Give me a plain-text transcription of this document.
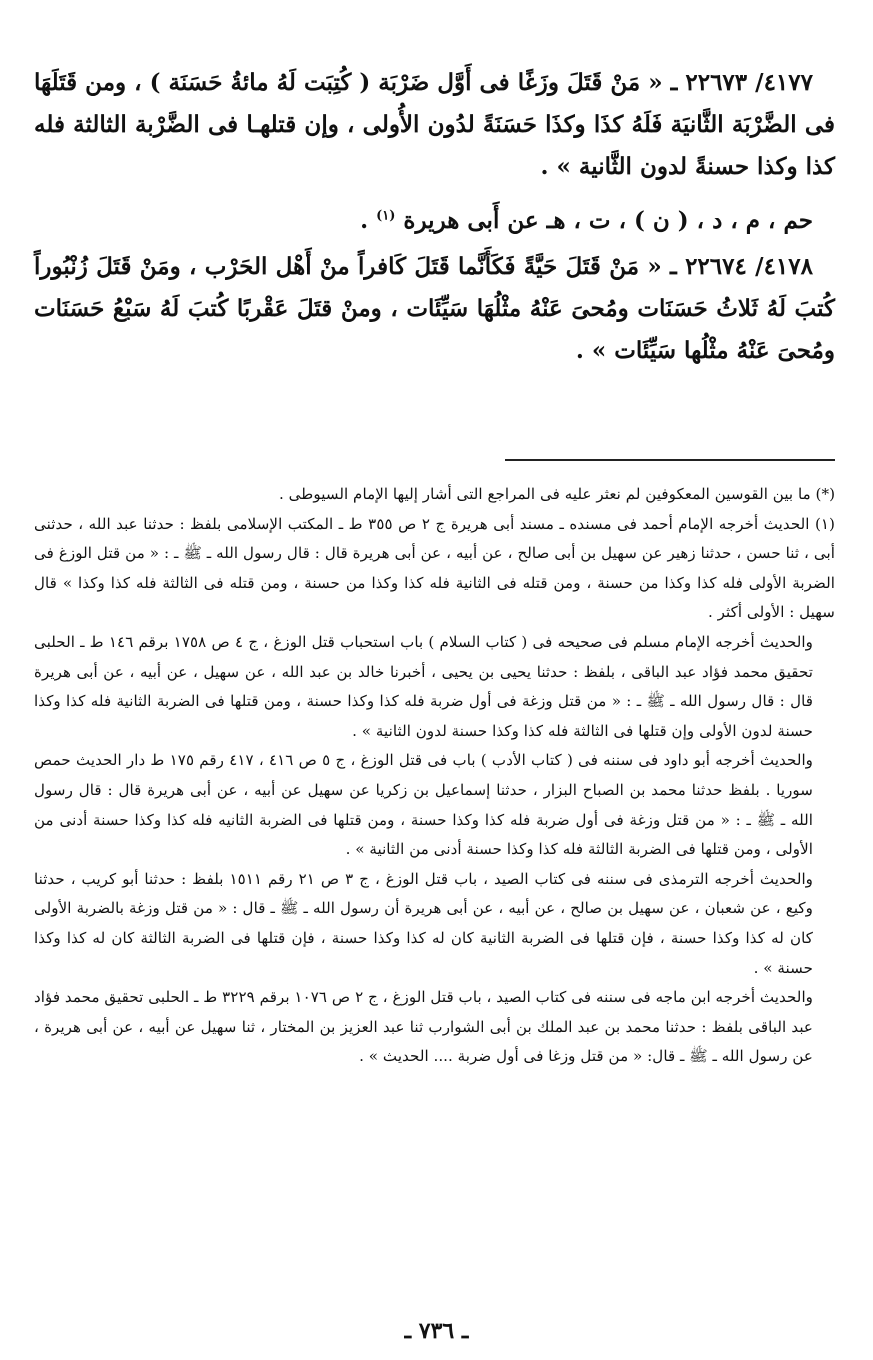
٤١٧٧/ ٢٢٦٧٣ ـ « مَنْ قَتَلَ وزَغًا فى أَوَّل ضَرْبَة ( كُتِبَت لَهُ مائةُ حَسَنَة ) ، ومن قَتَلَهَا فى الضَّرْبَة الثَّانيَة فَلَهُ كذَا وكذَا حَسَنَةً لدُون الأُولى ، وإن قتلهـا فى الضَّرْبة الثالثة فله كذا وكذا حسنةً لدون الثَّانية » .

حم ، م ، د ، ( ن ) ، ت ، هـ عن أَبى هريرة $^{(١)}$ .

٤١٧٨/ ٢٢٦٧٤ ـ « مَنْ قَتَلَ حَيَّةً فَكَأَنَّما قَتَلَ كَافراً منْ أَهْل الحَرْب ، ومَنْ قَتَلَ زُنْبُوراً كُتبَ لَهُ ثَلاثُ حَسَنَات ومُحىَ عَنْهُ مثْلُهَا سَيِّئَات ، ومنْ قتَلَ عَقْربًا كُتبَ لَهُ سَبْعُ حَسَنَات ومُحىَ عَنْهُ مثْلُها سَيِّئَات » .

(*) ما بين القوسين المعكوفين لم نعثر عليه فى المراجع التى أشار إليها الإمام السيوطى .

(١) الحديث أخرجه الإمام أحمد فى مسنده ـ مسند أبى هريرة ج ٢ ص ٣٥٥ ط ـ المكتب الإسلامى بلفظ : حدثنا عبد الله ، حدثنى أبى ، ثنا حسن ، حدثنا زهير عن سهيل بن أبى صالح ، عن أبيه ، عن أبى هريرة قال : قال رسول الله ـ ﷺ ـ : « من قتل الوزغ فى الضربة الأولى فله كذا وكذا من حسنة ، ومن قتله فى الثانية فله كذا وكذا من حسنة ، ومن قتله فى الثالثة فله كذا وكذا » قال سهيل : الأولى أكثر .

والحديث أخرجه الإمام مسلم فى صحيحه فى ( كتاب السلام ) باب استحباب قتل الوزغ ، ج ٤ ص ١٧٥٨ برقم ١٤٦ ط ـ الحلبى تحقيق محمد فؤاد عبد الباقى ، بلفظ : حدثنا يحيى بن يحيى ، أخبرنا خالد بن عبد الله ، عن سهيل ، عن أبيه ، عن أبى هريرة قال : قال رسول الله ـ ﷺ ـ : « من قتل وزغة فى أول ضربة فله كذا وكذا حسنة ، ومن قتلها فى الضربة الثانية فله كذا وكذا حسنة لدون الأولى وإن قتلها فى الثالثة فله كذا وكذا حسنة لدون الثانية » .

والحديث أخرجه أبو داود فى سننه فى ( كتاب الأدب ) باب فى قتل الوزغ ، ج ٥ ص ٤١٦ ، ٤١٧ رقم ١٧٥ ط دار الحديث حمص سوريا . بلفظ حدثنا محمد بن الصباح البزار ، حدثنا إسماعيل بن زكريا عن سهيل عن أبيه ، عن أبى هريرة قال : قال رسول الله ـ ﷺ ـ : « من قتل وزغة فى أول ضربة فله كذا وكذا حسنة ، ومن قتلها فى الضربة الثانيه فله كذا وكذا حسنة أدنى من الأولى ، ومن قتلها فى الضربة الثالثة فله كذا وكذا حسنة أدنى من الثانية » .

والحديث أخرجه الترمذى فى سننه فى كتاب الصيد ، باب قتل الوزغ ، ج ٣ ص ٢١ رقم ١٥١١ بلفظ : حدثنا أبو كريب ، حدثنا وكيع ، عن شعبان ، عن سهيل بن صالح ، عن أبيه ، عن أبى هريرة أن رسول الله ـ ﷺ ـ قال : « من قتل وزغة بالضربة الأولى كان له كذا وكذا حسنة ، فإن قتلها فى الضربة الثانية كان له كذا وكذا حسنة ، فإن قتلها فى الضربة الثالثة كان له كذا وكذا حسنة » .

والحديث أخرجه ابن ماجه فى سننه فى كتاب الصيد ، باب قتل الوزغ ، ج ٢ ص ١٠٧٦ برقم ٣٢٢٩ ط ـ الحلبى تحقيق محمد فؤاد عبد الباقى بلفظ : حدثنا محمد بن عبد الملك بن أبى الشوارب ثنا عبد العزيز بن المختار ، ثنا سهيل عن أبيه ، عن أبى هريرة ، عن رسول الله ـ ﷺ ـ قال: « من قتل وزغا فى أول ضربة .... الحديث » .

ـ ٧٣٦ ـ
